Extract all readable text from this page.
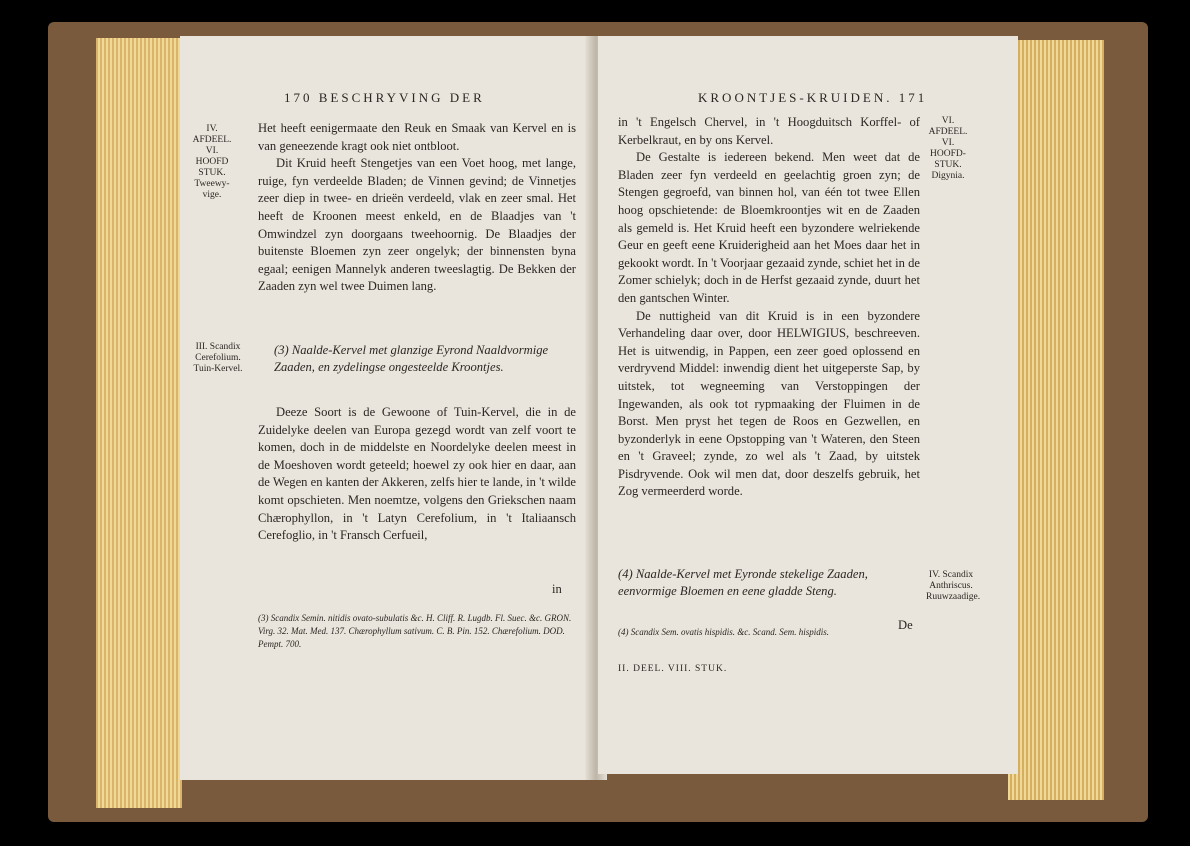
170 BESCHRYVING DER
IV. AFDEEL. VI. HOOFD STUK. Tweewy-vige.

Het heeft eenigermaate den Reuk en Smaak van Kervel en is van geneezende kragt ook niet ontbloot.

Dit Kruid heeft Stengetjes van een Voet hoog, met lange, ruige, fyn verdeelde Bladen; de Vinnen gevind; de Vinnetjes zeer diep in twee- en drieën verdeeld, vlak en zeer smal. Het heeft de Kroonen meest enkeld, en de Blaadjes van 't Omwindzel zyn doorgaans tweehoornig. De Blaadjes der buitenste Bloemen zyn zeer ongelyk; der binnensten byna egaal; eenigen Mannelyk anderen tweeslagtig. De Bekken der Zaaden zyn wel twee Duimen lang.

III. Scandix Cerefolium. Tuin-Kervel.
(3) Naalde-Kervel met glanzige Eyrond Naaldvormige Zaaden, en zydelingse ongesteelde Kroontjes.

Deeze Soort is de Gewoone of Tuin-Kervel, die in de Zuidelyke deelen van Europa gezegd wordt van zelf voort te komen, doch in de middelste en Noordelyke deelen meest in de Moeshoven wordt geteeld; hoewel zy ook hier en daar, aan de Wegen en kanten der Akkeren, zelfs hier te lande, in 't wilde komt opschieten. Men noemtze, volgens den Griekschen naam Chærophyllon, in 't Latyn Cerefolium, in 't Italiaansch Cerefoglio, in 't Fransch Cerfueil,

in
(3) Scandix Semin. nitidis ovato-subulatis &c. H. Cliff. R. Lugdb. Fl. Suec. &c. GRON. Virg. 32. Mat. Med. 137. Chærophyllum sativum. C. B. Pin. 152. Chærefolium. DOD. Pempt. 700.
KROONTJES-KRUIDEN. 171
VI. AFDEEL. VI. HOOFD-STUK. Digynia.

in 't Engelsch Chervel, in 't Hoogduitsch Korffel- of Kerbelkraut, en by ons Kervel.

De Gestalte is iedereen bekend. Men weet dat de Bladen zeer fyn verdeeld en geelachtig groen zyn; de Stengen gegroefd, van binnen hol, van één tot twee Ellen hoog opschietende: de Bloemkroontjes wit en de Zaaden als gemeld is. Het Kruid heeft een byzondere welriekende Geur en geeft eene Kruiderigheid aan het Moes daar het in gekookt wordt. In 't Voorjaar gezaaid zynde, schiet het in de Zomer schielyk; doch in de Herfst gezaaid zynde, duurt het den gantschen Winter.

De nuttigheid van dit Kruid is in een byzondere Verhandeling daar over, door HELWIGIUS, beschreeven. Het is uitwendig, in Pappen, een zeer goed oplossend en verdryvend Middel: inwendig dient het uitgeperste Sap, by uitstek, tot wegneeming van Verstoppingen der Ingewanden, als ook tot rypmaaking der Fluimen in de Borst. Men pryst het tegen de Roos en Gezwellen, en byzonderlyk in eene Opstopping van 't Wateren, den Steen en 't Graveel; zynde, zo wel als 't Zaad, by uitstek Pisdryvende. Ook wil men dat, door deszelfs gebruik, het Zog vermeerderd worde.

(4) Naalde-Kervel met Eyronde stekelige Zaaden, eenvormige Bloemen en eene gladde Steng.
IV. Scandix Anthriscus. Ruuwzaadige.
De
(4) Scandix Sem. ovatis hispidis. &c. Scand. Sem. hispidis.
II. DEEL. VIII. STUK.
